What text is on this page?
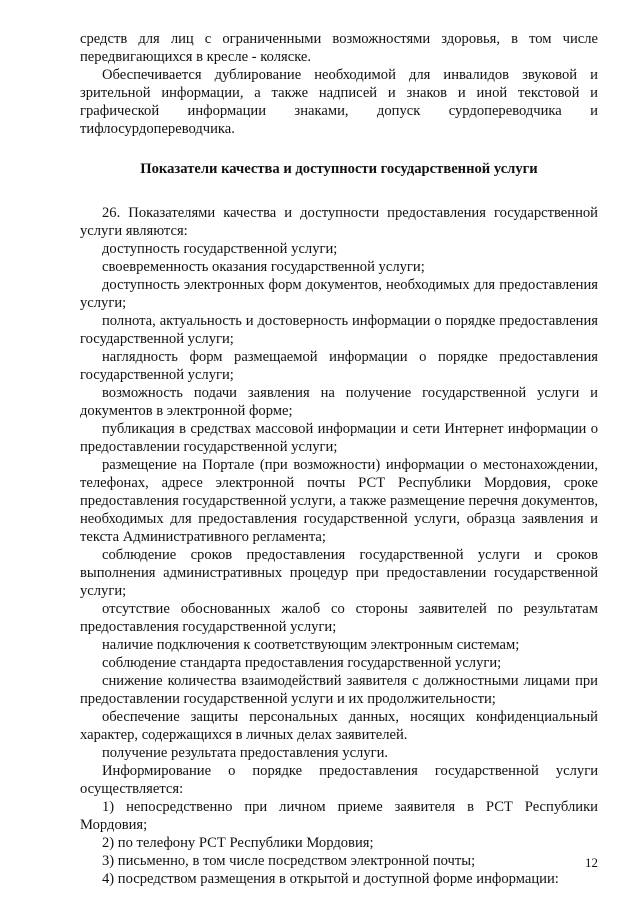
средств для лиц с ограниченными возможностями здоровья, в том числе передвигающихся в кресле - коляске.

Обеспечивается дублирование необходимой для инвалидов звуковой и зрительной информации, а также надписей и знаков и иной текстовой и графической информации знаками, допуск сурдопереводчика и тифлосурдопереводчика.

Показатели качества и доступности государственной услуги

26. Показателями качества и доступности предоставления государственной услуги являются:

доступность государственной услуги;

своевременность оказания государственной услуги;

доступность электронных форм документов, необходимых для предоставления услуги;

полнота, актуальность и достоверность информации о порядке предоставления государственной услуги;

наглядность форм размещаемой информации о порядке предоставления государственной услуги;

возможность подачи заявления на получение государственной услуги и документов в электронной форме;

публикация в средствах массовой информации и сети Интернет информации о предоставлении государственной услуги;

размещение на Портале (при возможности) информации о местонахождении, телефонах, адресе электронной почты РСТ Республики Мордовия, сроке предоставления государственной услуги, а также размещение перечня документов, необходимых для предоставления государственной услуги, образца заявления и текста Административного регламента;

соблюдение сроков предоставления государственной услуги и сроков выполнения административных процедур при предоставлении государственной услуги;

отсутствие обоснованных жалоб со стороны заявителей по результатам предоставления государственной услуги;

наличие подключения к соответствующим электронным системам;

соблюдение стандарта предоставления государственной услуги;

снижение количества взаимодействий заявителя с должностными лицами при предоставлении государственной услуги и их продолжительности;

обеспечение защиты персональных данных, носящих конфиденциальный характер, содержащихся в личных делах заявителей.

получение результата предоставления услуги.

Информирование о порядке предоставления государственной услуги осуществляется:

1) непосредственно при личном приеме заявителя в РСТ Республики Мордовия;

2) по телефону РСТ Республики Мордовия;

3) письменно, в том числе посредством электронной почты;

4) посредством размещения в открытой и доступной форме информации:

12
